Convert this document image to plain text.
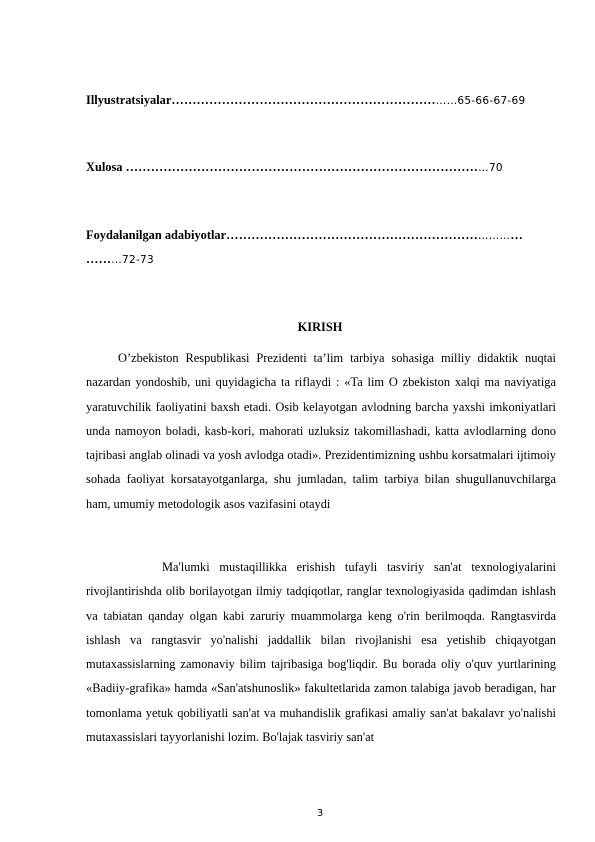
Illyustratsiyalar……………………………………………………………65-66-67-69
Xulosa ……………………………………………………………………………70
Foydalanilgan adabiyotlar………………………………………………………………
………72-73
KIRISH
O’zbekiston Respublikasi Prezidenti ta’lim tarbiya sohasiga milliy didaktik nuqtai nazardan yondoshib, uni quyidagicha ta riflaydi : «Ta lim O zbekiston xalqi ma naviyatiga yaratuvchilik faoliyatini baxsh etadi. Osib kelayotgan avlodning barcha yaxshi imkoniyatlari unda namoyon boladi, kasb-kori, mahorati uzluksiz takomillashadi, katta avlodlarning dono tajribasi anglab olinadi va yosh avlodga otadi». Prezidentimizning ushbu korsatmalari ijtimoiy sohada faoliyat korsatayotganlarga, shu jumladan, talim tarbiya bilan shugullanuvchilarga ham, umumiy metodologik asos vazifasini otaydi
Ma'lumki mustaqillikka erishish tufayli tasviriy san'at texnologiyalarini rivojlantirishda olib borilayotgan ilmiy tadqiqotlar, ranglar texnologiyasida qadimdan ishlash va tabiatan qanday olgan kabi zaruriy muammolarga keng o'rin berilmoqda. Rangtasvirda ishlash va rangtasvir yo'nalishi jaddallik bilan rivojlanishi esa yetishib chiqayotgan mutaxassislarning zamonaviy bilim tajribasiga bog'liqdir. Bu borada oliy o'quv yurtlarining «Badiiy-grafika» hamda «San'atshunoslik» fakultetlarida zamon talabiga javob beradigan, har tomonlama yetuk qobiliyatli san'at va muhandislik grafikasi amaliy san'at bakalavr yo'nalishi mutaxassislari tayyorlanishi lozim. Bo'lajak tasviriy san'at
3
